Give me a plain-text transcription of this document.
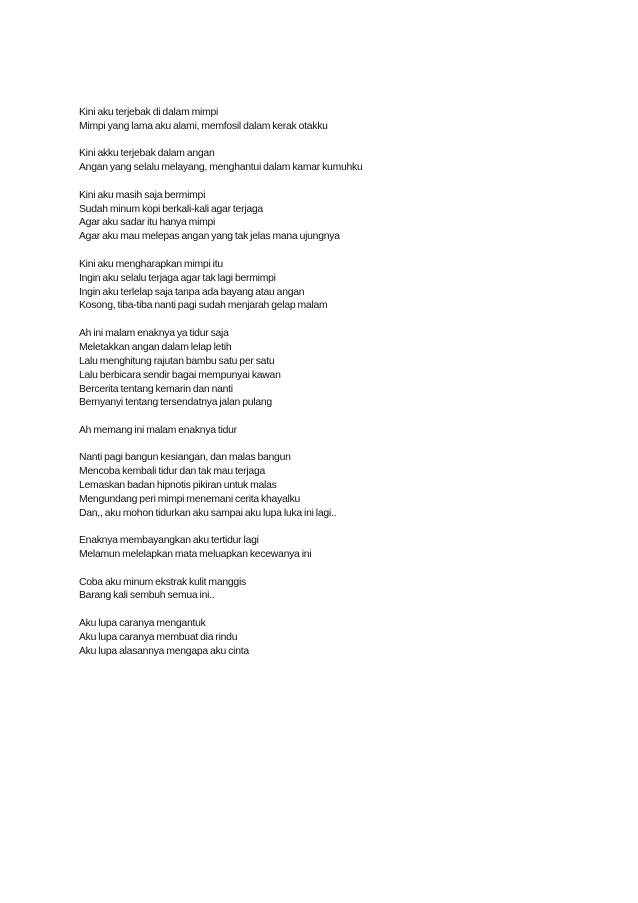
Kini aku terjebak di dalam mimpi
Mimpi yang lama aku alami, memfosil dalam kerak otakku
Kini akku terjebak dalam angan
Angan yang selalu melayang, menghantui dalam kamar kumuhku
Kini aku masih saja bermimpi
Sudah minum kopi berkali-kali agar terjaga
Agar aku sadar itu hanya mimpi
Agar aku mau melepas angan yang tak jelas mana ujungnya
Kini aku mengharapkan mimpi itu
Ingin aku selalu terjaga agar tak lagi bermimpi
Ingin aku terlelap saja tanpa ada bayang atau angan
Kosong, tiba-tiba nanti pagi sudah menjarah gelap malam
Ah ini malam enaknya ya tidur saja
Meletakkan angan dalam lelap letih
Lalu menghitung rajutan bambu satu per satu
Lalu berbicara sendir bagai mempunyai kawan
Bercerita tentang kemarin dan nanti
Bernyanyi tentang tersendatnya jalan pulang
Ah memang ini malam enaknya tidur
Nanti pagi bangun kesiangan, dan malas bangun
Mencoba kembali tidur dan tak mau terjaga
Lemaskan badan hipnotis pikiran untuk malas
Mengundang peri mimpi menemani cerita khayalku
Dan,, aku mohon tidurkan aku sampai aku lupa luka ini lagi..
Enaknya membayangkan aku tertidur lagi
Melamun melelapkan mata meluapkan kecewanya ini
Coba aku minum ekstrak kulit manggis
Barang kali sembuh semua ini..
Aku lupa caranya mengantuk
Aku lupa caranya membuat dia rindu
Aku lupa alasannya mengapa aku cinta
